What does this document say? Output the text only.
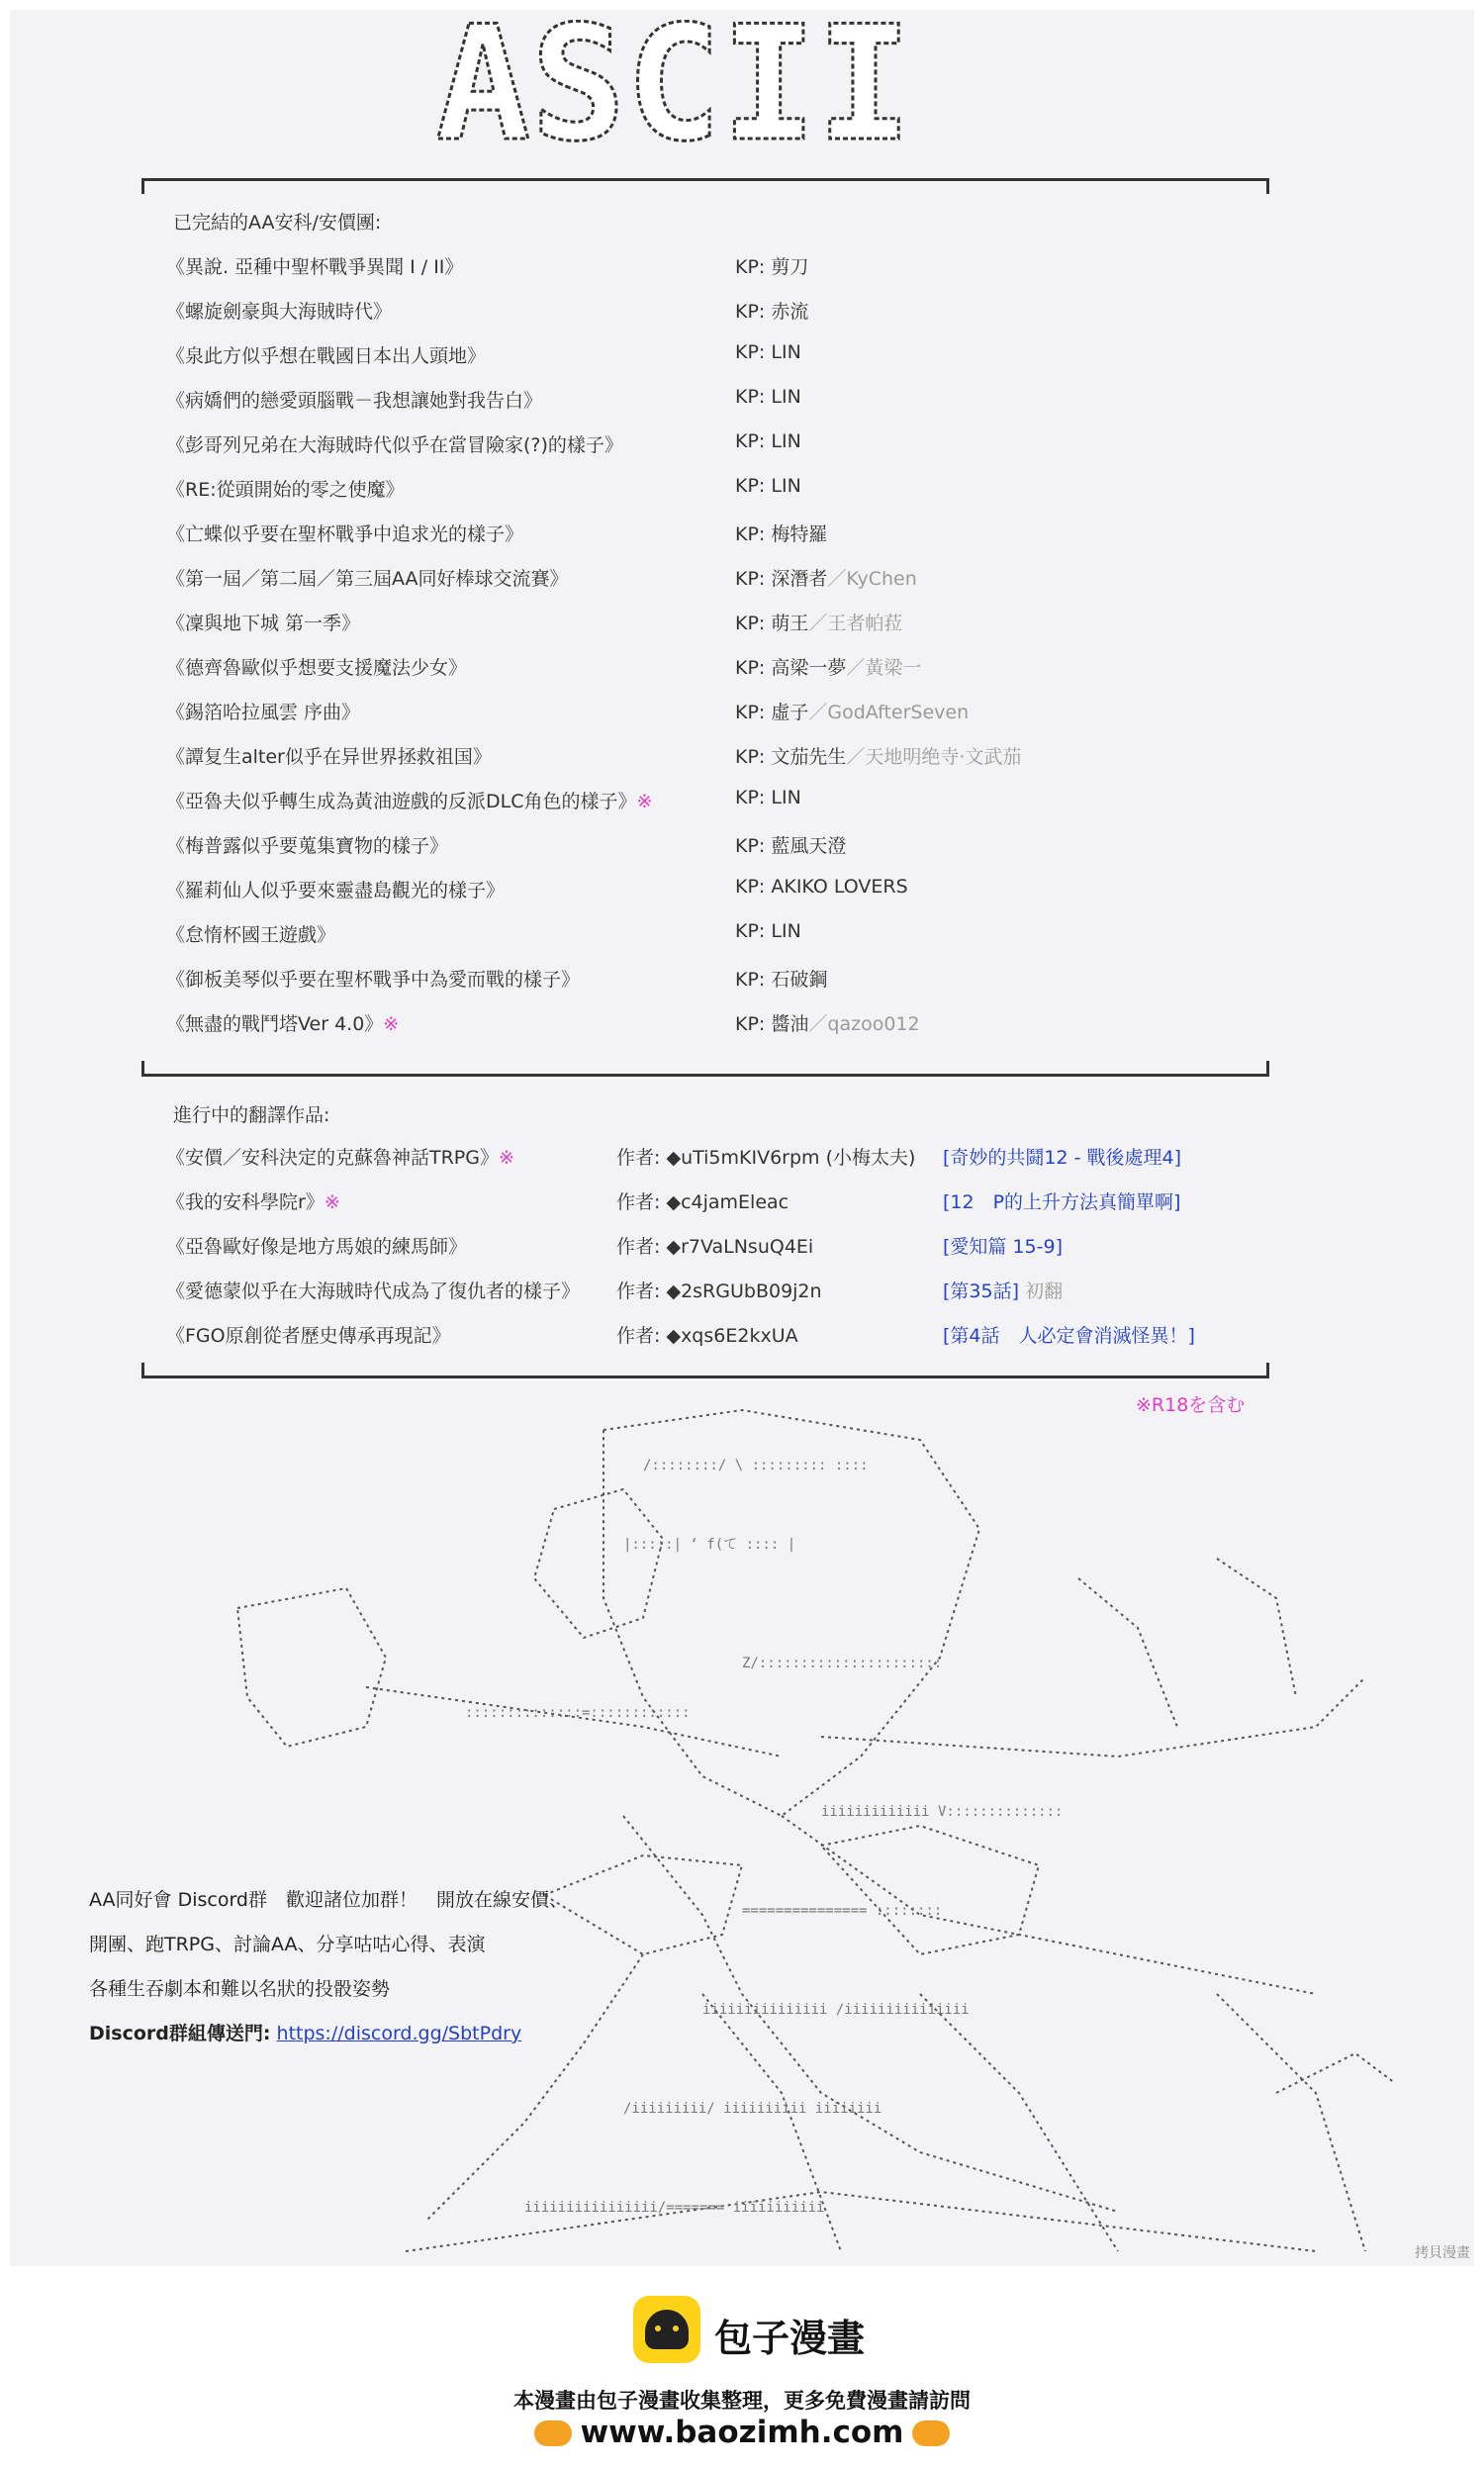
ASCII
已完結的AA安科/安價團:
《異說. 亞種中聖杯戰爭異聞 I / II》	KP: 剪刀
《螺旋劍豪與大海賊時代》	KP: 赤流
《泉此方似乎想在戰國日本出人頭地》	KP: LIN
《病嬌們的戀愛頭腦戰－我想讓她對我告白》	KP: LIN
《彭哥列兄弟在大海賊時代似乎在當冒險家(?)的樣子》	KP: LIN
《RE:從頭開始的零之使魔》	KP: LIN
《亡蝶似乎要在聖杯戰爭中追求光的樣子》	KP: 梅特羅
《第一屆／第二屆／第三屆AA同好棒球交流賽》	KP: 深潛者／KyChen
《凜與地下城 第一季》	KP: 萌王／王者帕菈
《德齊魯歐似乎想要支援魔法少女》	KP: 高梁一夢／黃梁一
《錫箔哈拉風雲 序曲》	KP: 虛子／GodAfterSeven
《譚复生alter似乎在异世界拯救祖国》	KP: 文茄先生／天地明绝寺·文武茄
《亞魯夫似乎轉生成為黃油遊戲的反派DLC角色的樣子》※	KP: LIN
《梅普露似乎要蒐集寶物的樣子》	KP: 藍風天澄
《羅莉仙人似乎要來靈盡島觀光的樣子》	KP: AKIKO LOVERS
《怠惰杯國王遊戲》	KP: LIN
《御板美琴似乎要在聖杯戰爭中為愛而戰的樣子》	KP: 石破鋼
《無盡的戰鬥塔Ver 4.0》※	KP: 醬油／qazoo012
進行中的翻譯作品:
《安價／安科決定的克蘇魯神話TRPG》※	作者: ◆uTi5mKIV6rpm (小梅太夫) [奇妙的共鬪12 - 戰後處理4]
《我的安科學院r》※	作者: ◆c4jamEleac	[12　P的上升方法真簡單啊]
《亞魯歐好像是地方馬娘的練馬師》	作者: ◆r7VaLNsuQ4Ei	[愛知篇 15-9]
《愛德蒙似乎在大海賊時代成為了復仇者的樣子》 作者: ◆2sRGUbB09j2n	[第35話] 初翻
《FGO原創從者歷史傳承再現記》	作者: ◆xqs6E2kxUA	[第4話　人必定會消滅怪異！]
※R18を含む
/::::::::/ \ ::::::::: ::::
|:::::| ‘ f(て :::: |
Z/::::::::::::::::::::::
::::::::::::::=::::::::::::
iiiiiiiiiiiii V::::::::::::::
=============== ::::::::
iiiiiiiiiiiiiii /iiiiiiiiiiiiiii
/iiiiiiiii/ iiiiiiiiii iiiiiiii
iiiiiiiiiiiiiiii/======= iiiiiiiiiii
AA同好會 Discord群　歡迎諸位加群！　開放在線安價、
開團、跑TRPG、討論AA、分享咕咕心得、表演
各種生吞劇本和難以名狀的投骰姿勢
Discord群組傳送門: https://discord.gg/SbtPdry
拷貝漫畫
包子漫畫
本漫畫由包子漫畫收集整理，更多免費漫畫請訪問
www.baozimh.com
